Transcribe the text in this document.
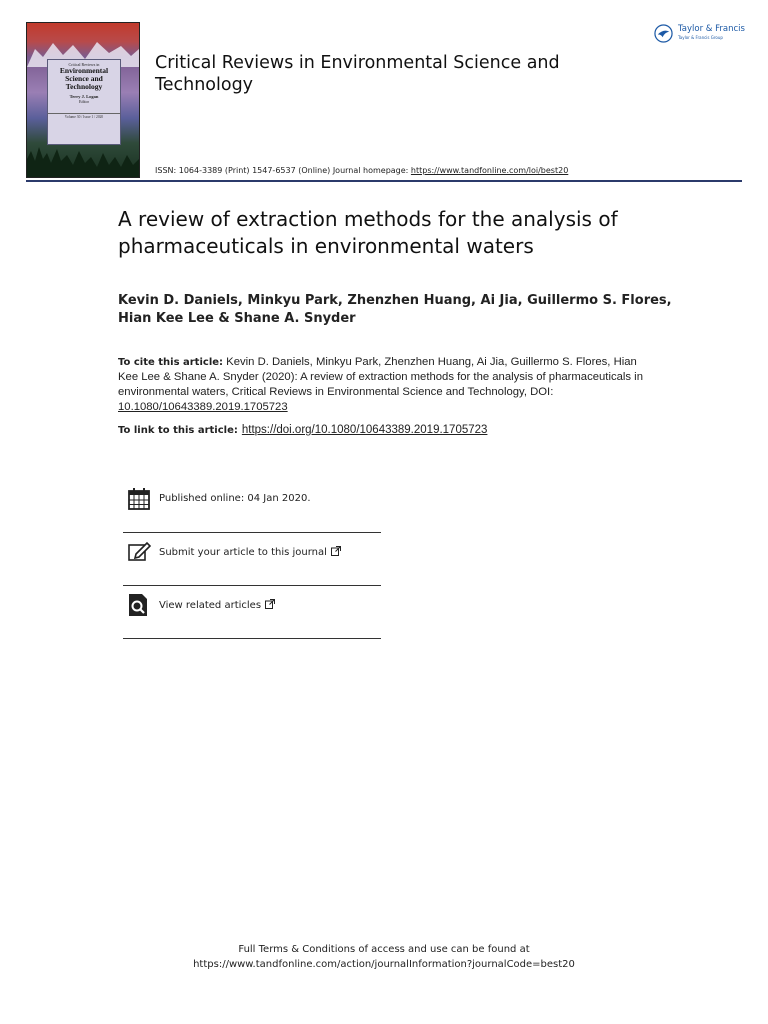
Critical Reviews in
Environmental
Science and
Technology
Terry J. Logan
Editor
Volume 30 / Issue 1 / 2020
Critical Reviews in Environmental Science and Technology
Taylor & Francis
Taylor & Francis Group
ISSN: 1064-3389 (Print) 1547-6537 (Online) Journal homepage: https://www.tandfonline.com/loi/best20
A review of extraction methods for the analysis of pharmaceuticals in environmental waters
Kevin D. Daniels, Minkyu Park, Zhenzhen Huang, Ai Jia, Guillermo S. Flores, Hian Kee Lee & Shane A. Snyder
To cite this article: Kevin D. Daniels, Minkyu Park, Zhenzhen Huang, Ai Jia, Guillermo S. Flores, Hian Kee Lee & Shane A. Snyder (2020): A review of extraction methods for the analysis of pharmaceuticals in environmental waters, Critical Reviews in Environmental Science and Technology, DOI: 10.1080/10643389.2019.1705723
To link to this article: https://doi.org/10.1080/10643389.2019.1705723
Published online: 04 Jan 2020.
Submit your article to this journal
View related articles
Full Terms & Conditions of access and use can be found at
https://www.tandfonline.com/action/journalInformation?journalCode=best20
